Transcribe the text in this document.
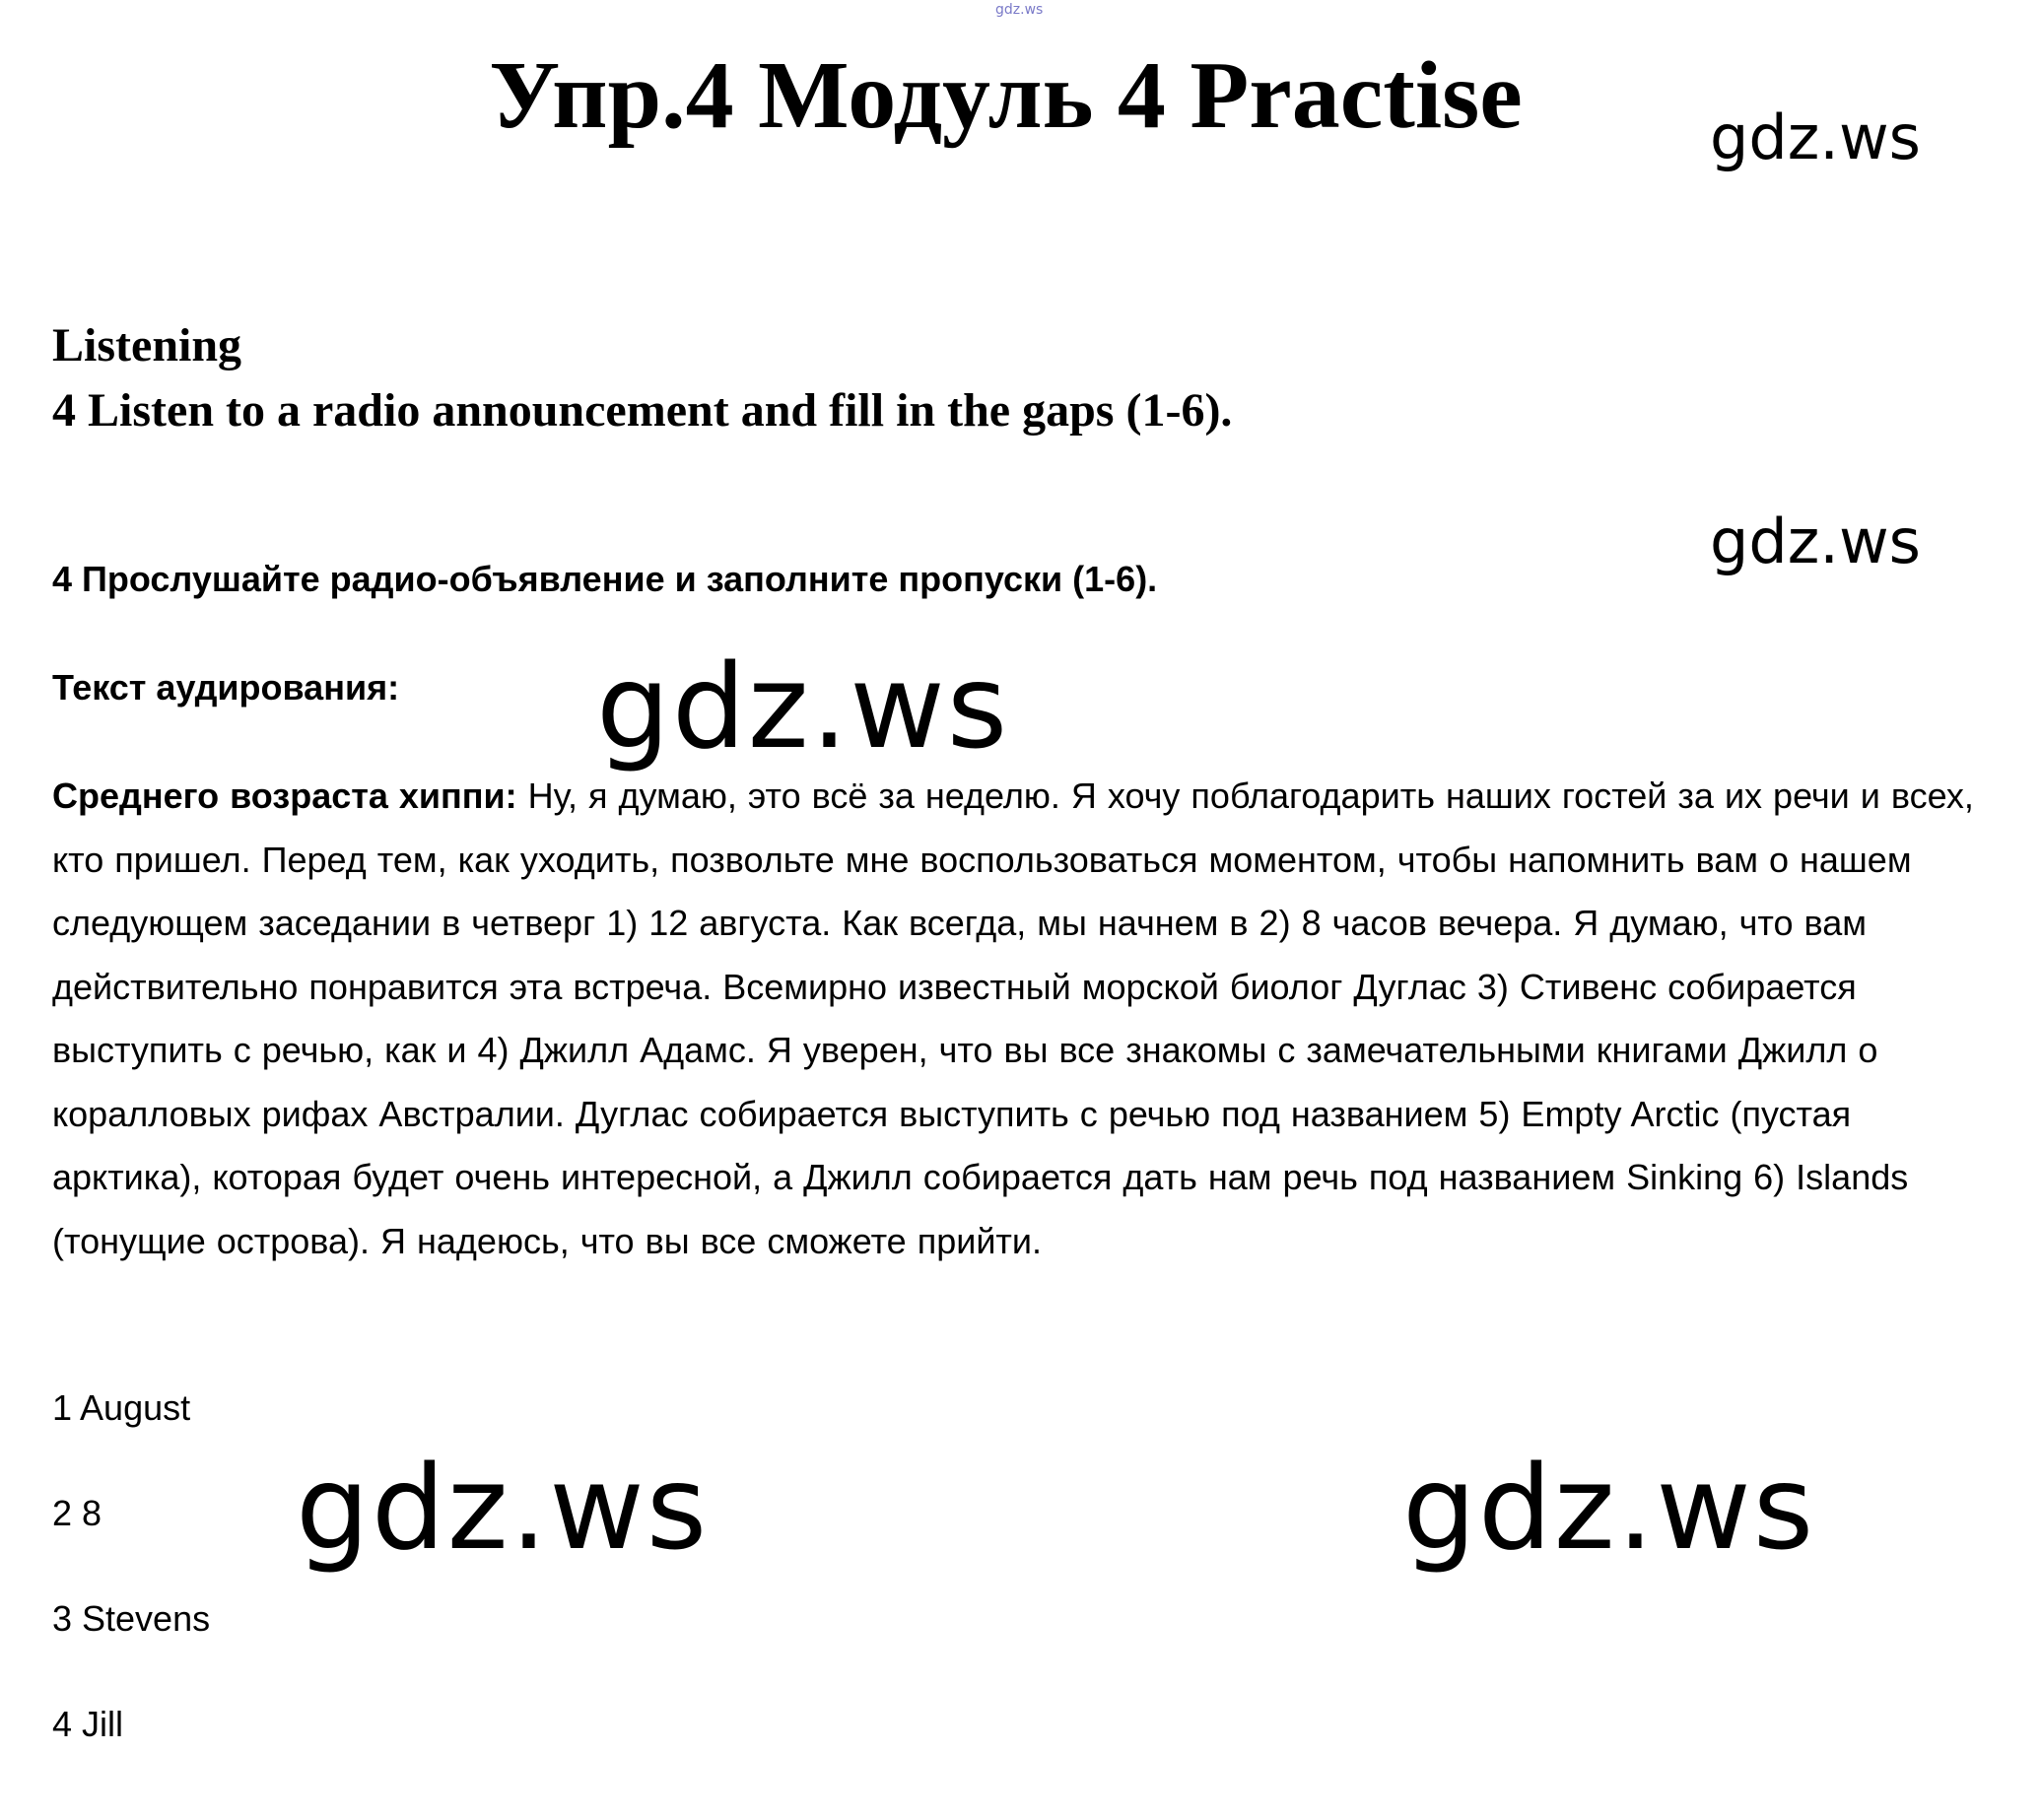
gdz.ws
Упр.4 Модуль 4 Practise	gdz.ws

Listening

4 Listen to a radio announcement and fill in the gaps (1-6).

gdz.ws

4 Прослушайте радио-объявление и заполните пропуски (1-6).

Текст аудирования: gdz.ws

Среднего возраста хиппи: Ну, я думаю, это всё за неделю. Я хочу поблагодарить наших гостей за их речи и всех, кто пришел. Перед тем, как уходить, позвольте мне воспользоваться моментом, чтобы напомнить вам о нашем следующем заседании в четверг 1) 12 августа. Как всегда, мы начнем в 2) 8 часов вечера. Я думаю, что вам действительно понравится эта встреча. Всемирно известный морской биолог Дуглас 3) Стивенс собирается выступить с речью, как и 4) Джилл Адамс. Я уверен, что вы все знакомы с замечательными книгами Джилл о коралловых рифах Австралии. Дуглас собирается выступить с речью под названием 5) Empty Arctic (пустая арктика), которая будет очень интересной, а Джилл собирается дать нам речь под названием Sinking 6) Islands (тонущие острова). Я надеюсь, что вы все сможете прийти.

1 August

2 8

3 Stevens

4 Jill

gdz.ws	gdz.ws
